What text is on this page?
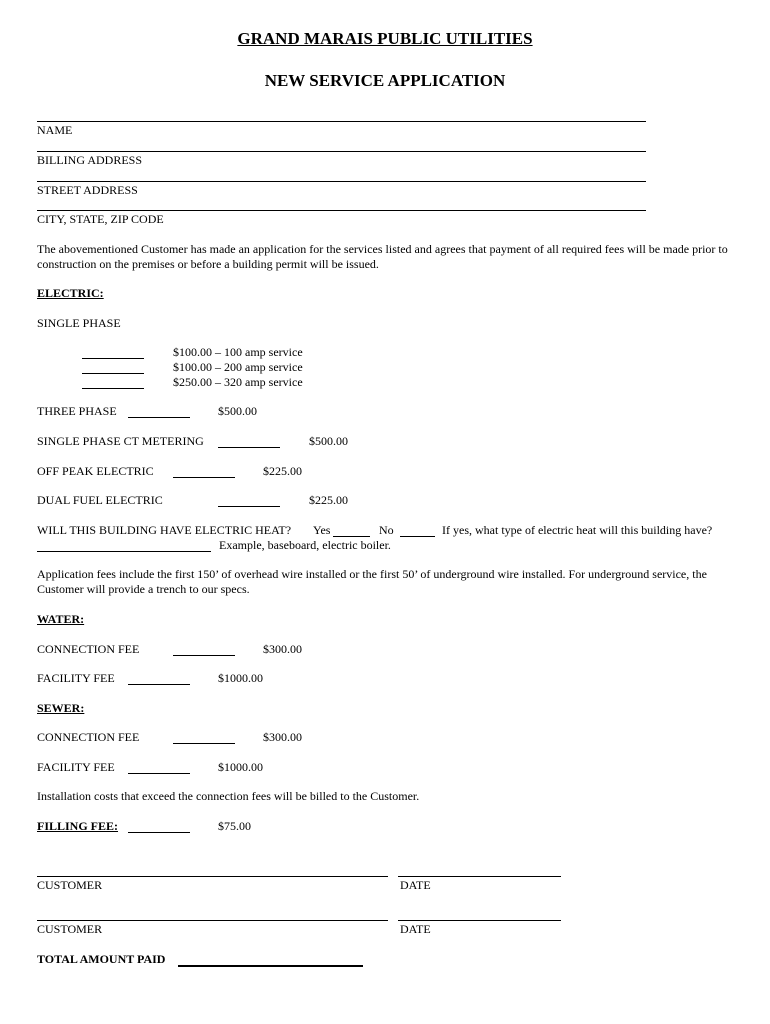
GRAND MARAIS PUBLIC UTILITIES
NEW SERVICE APPLICATION
NAME
BILLING ADDRESS
STREET ADDRESS
CITY, STATE, ZIP CODE
The abovementioned Customer has made an application for the services listed and agrees that payment of all required fees will be made prior to construction on the premises or before a building permit will be issued.
ELECTRIC:
SINGLE PHASE
$100.00 – 100 amp service
$100.00 – 200 amp service
$250.00 – 320 amp service
THREE PHASE	$500.00
SINGLE PHASE CT METERING	$500.00
OFF PEAK ELECTRIC	$225.00
DUAL FUEL ELECTRIC	$225.00
WILL THIS BUILDING HAVE ELECTRIC HEAT? Yes	No	If yes, what type of electric heat will this building have?
Example, baseboard, electric boiler.
Application fees include the first 150’ of overhead wire installed or the first 50’ of underground wire installed. For underground service, the Customer will provide a trench to our specs.
WATER:
CONNECTION FEE	$300.00
FACILITY FEE	$1000.00
SEWER:
CONNECTION FEE	$300.00
FACILITY FEE	$1000.00
Installation costs that exceed the connection fees will be billed to the Customer.
FILLING FEE:	$75.00
CUSTOMER	DATE
CUSTOMER	DATE
TOTAL AMOUNT PAID
